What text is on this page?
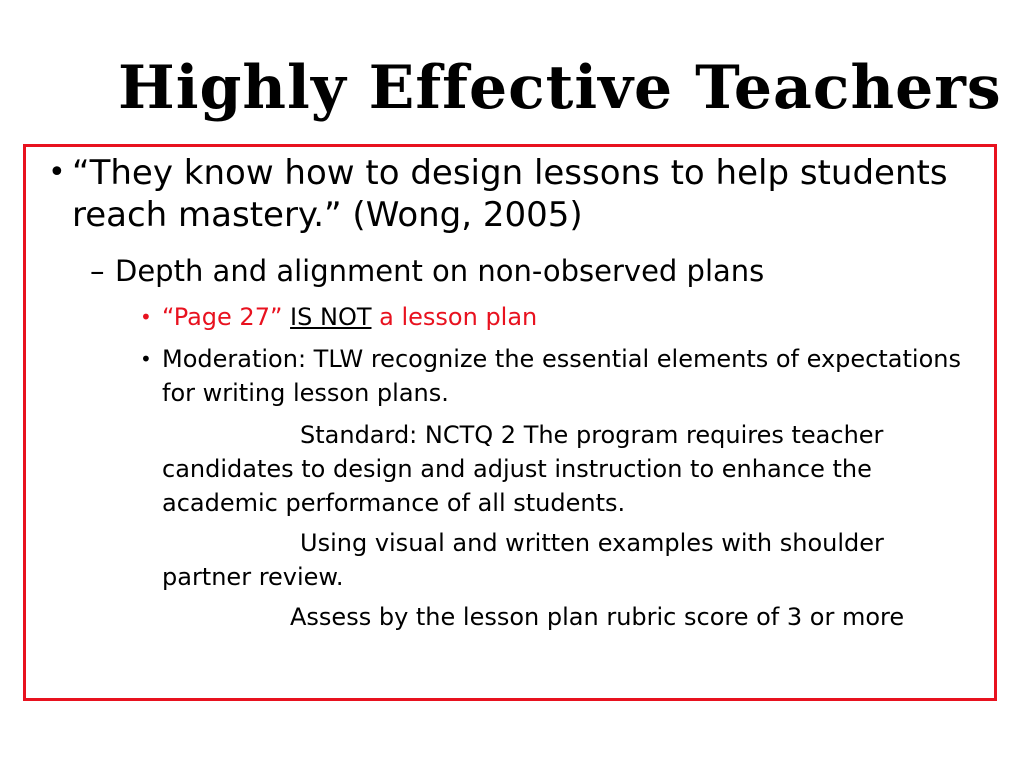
Highly Effective Teachers
• “They know how to design lessons to help students reach mastery.” (Wong, 2005)
– Depth and alignment on non-observed plans
• “Page 27” IS NOT a lesson plan
• Moderation: TLW recognize the essential elements of expectations for writing lesson plans.
Standard: NCTQ 2 The program requires teacher candidates to design and adjust instruction to enhance the academic performance of all students.
Using visual and written examples with shoulder partner review.
Assess by the lesson plan rubric score of 3 or more
